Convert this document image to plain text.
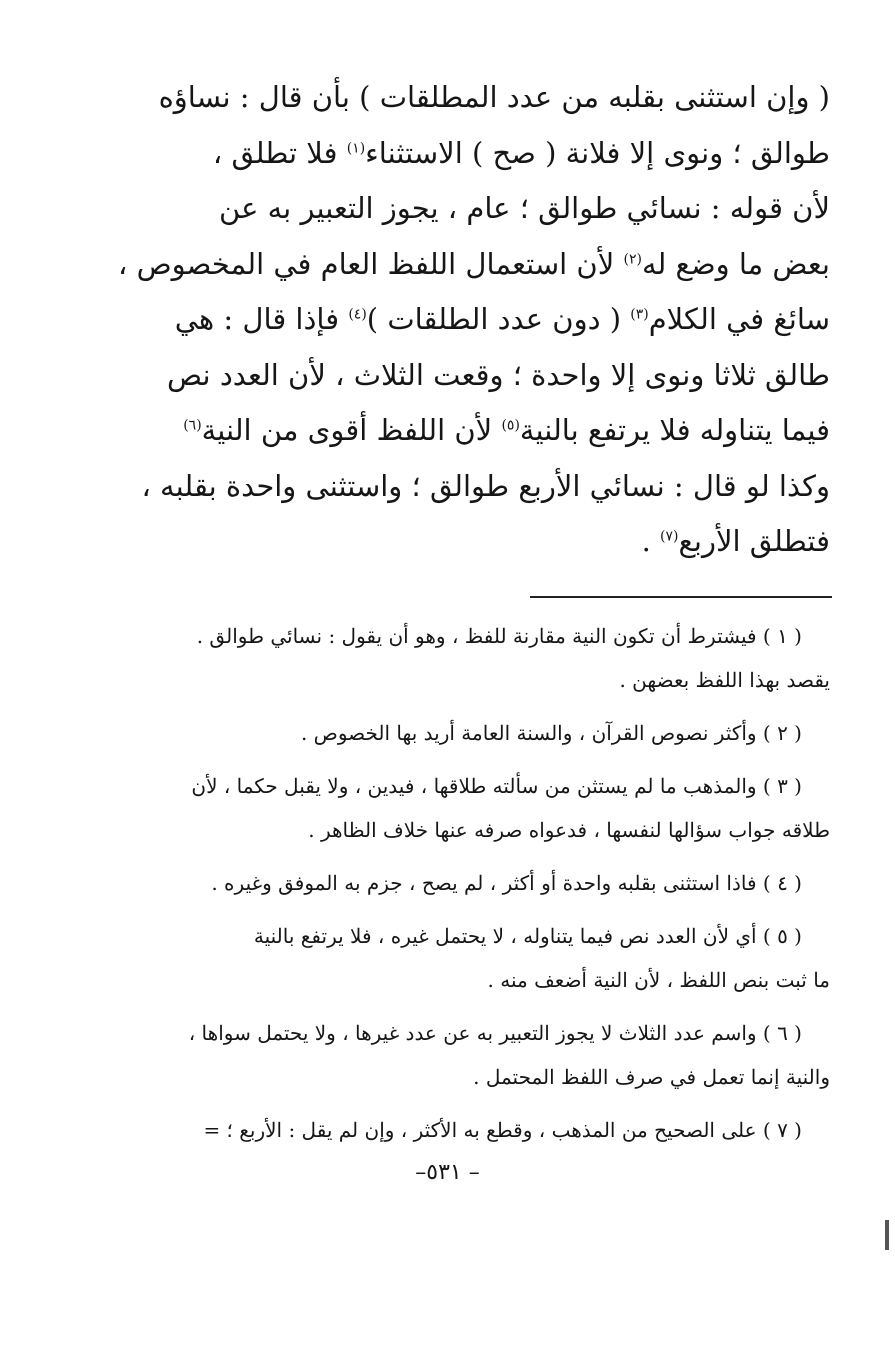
( وإن استثنى بقلبه من عدد المطلقات ) بأن قال : نساؤه
طوالق ؛ ونوى إلا فلانة ( صح ) الاستثناء$^{(١)}$ فلا تطلق ،
لأن قوله : نسائي طوالق ؛ عام ، يجوز التعبير به عن
بعض ما وضع له$^{(٢)}$ لأن استعمال اللفظ العام في المخصوص ،
سائغ في الكلام$^{(٣)}$ ( دون عدد الطلقات )$^{(٤)}$ فإذا قال : هي
طالق ثلاثا ونوى إلا واحدة ؛ وقعت الثلاث ، لأن العدد نص
فيما يتناوله فلا يرتفع بالنية$^{(٥)}$ لأن اللفظ أقوى من النية$^{(٦)}$
وكذا لو قال : نسائي الأربع طوالق ؛ واستثنى واحدة بقلبه ،
فتطلق الأربع$^{(٧)}$ .

( ١ ) فيشترط أن تكون النية مقارنة للفظ ، وهو أن يقول : نسائي طوالق .
يقصد بهذا اللفظ بعضهن .

( ٢ ) وأكثر نصوص القرآن ، والسنة العامة أريد بها الخصوص .

( ٣ ) والمذهب ما لم يستثن من سألته طلاقها ، فيدين ، ولا يقبل حكما ، لأن
طلاقه جواب سؤالها لنفسها ، فدعواه صرفه عنها خلاف الظاهر .

( ٤ ) فاذا استثنى بقلبه واحدة أو أكثر ، لم يصح ، جزم به الموفق وغيره .

( ٥ ) أي لأن العدد نص فيما يتناوله ، لا يحتمل غيره ، فلا يرتفع بالنية
ما ثبت بنص اللفظ ، لأن النية أضعف منه .

( ٦ ) واسم عدد الثلاث لا يجوز التعبير به عن عدد غيرها ، ولا يحتمل سواها ،
والنية إنما تعمل في صرف اللفظ المحتمل .

( ٧ ) على الصحيح من المذهب ، وقطع به الأكثر ، وإن لم يقل : الأربع ؛ =

– ٥٣١–
